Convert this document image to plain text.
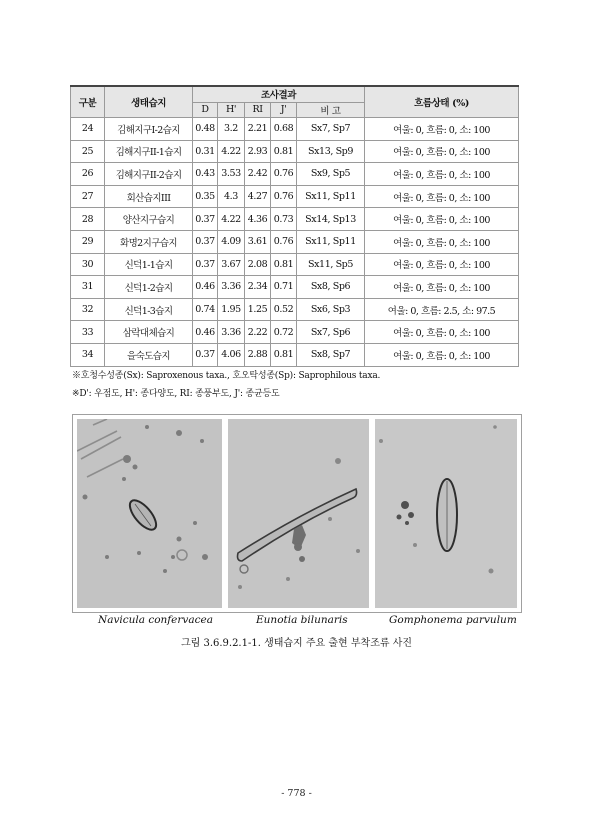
구분	생태습지	조사결과					흐름상태 (%)
		D	H'	RI	J'	비 고	
24	김해지구I-2습지	0.48	3.2	2.21	0.68	Sx7, Sp7	여울: 0, 흐름: 0, 소: 100
25	김해지구II-1습지	0.31	4.22	2.93	0.81	Sx13, Sp9	여울: 0, 흐름: 0, 소: 100
26	김해지구II-2습지	0.43	3.53	2.42	0.76	Sx9, Sp5	여울: 0, 흐름: 0, 소: 100
27	회산습지III	0.35	4.3	4.27	0.76	Sx11, Sp11	여울: 0, 흐름: 0, 소: 100
28	양산지구습지	0.37	4.22	4.36	0.73	Sx14, Sp13	여울: 0, 흐름: 0, 소: 100
29	화명2지구습지	0.37	4.09	3.61	0.76	Sx11, Sp11	여울: 0, 흐름: 0, 소: 100
30	신덕1-1습지	0.37	3.67	2.08	0.81	Sx11, Sp5	여울: 0, 흐름: 0, 소: 100
31	신덕1-2습지	0.46	3.36	2.34	0.71	Sx8, Sp6	여울: 0, 흐름: 0, 소: 100
32	신덕1-3습지	0.74	1.95	1.25	0.52	Sx6, Sp3	여울: 0, 흐름: 2.5, 소: 97.5
33	삼락대체습지	0.46	3.36	2.22	0.72	Sx7, Sp6	여울: 0, 흐름: 0, 소: 100
34	을숙도습지	0.37	4.06	2.88	0.81	Sx8, Sp7	여울: 0, 흐름: 0, 소: 100
※호청수성종(Sx): Saproxenous taxa., 호오탁성종(Sp): Saprophilous taxa.
※D': 우점도, H': 종다양도, RI: 종풍부도, J': 종균등도
Navicula confervacea	Eunotia bilunaris	Gomphonema parvulum
그림 3.6.9.2.1-1. 생태습지 주요 출현 부착조류 사진
- 778 -
